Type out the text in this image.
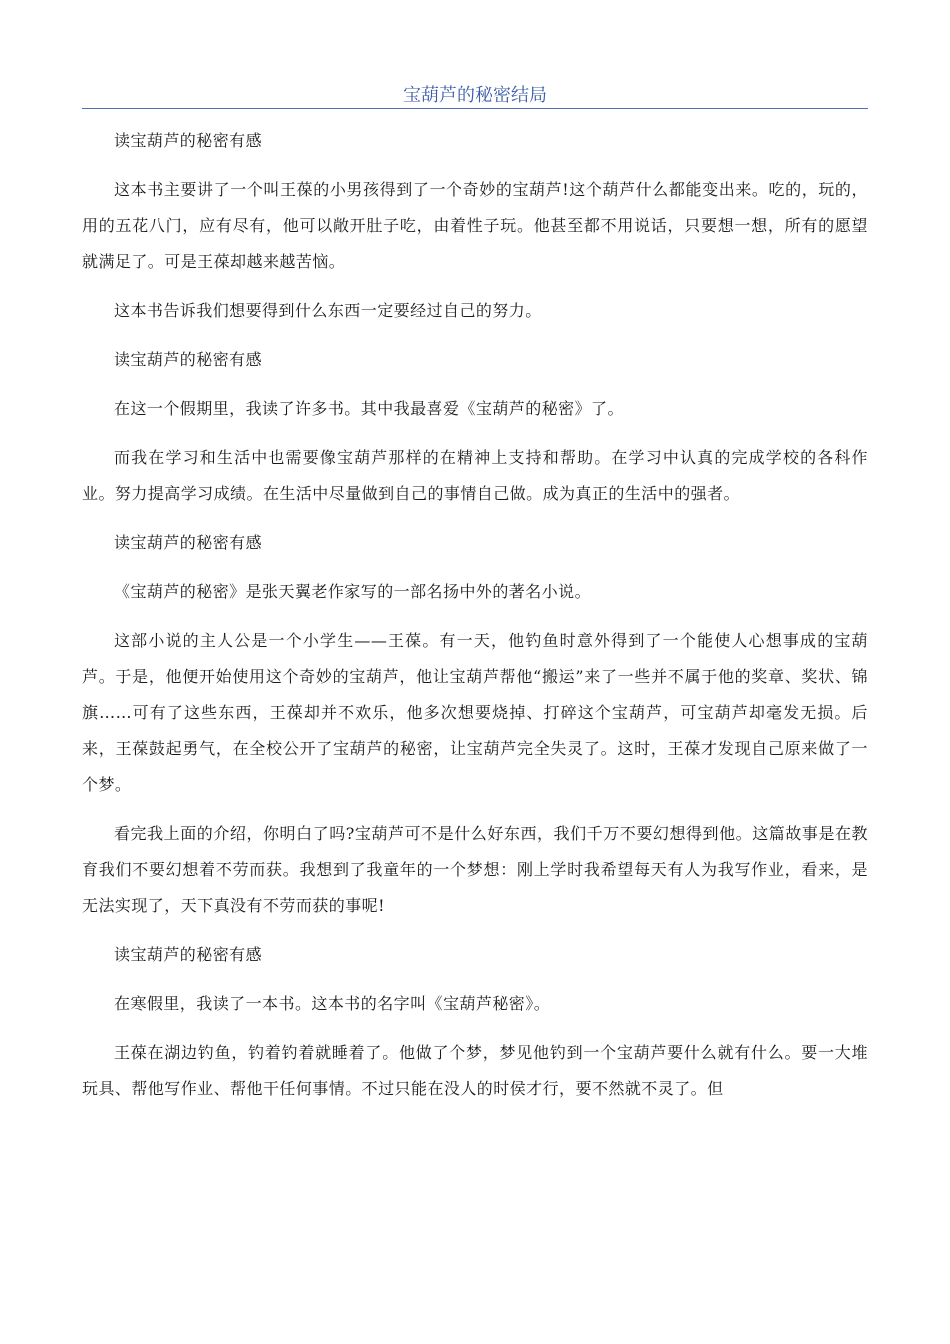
宝葫芦的秘密结局

读宝葫芦的秘密有感

这本书主要讲了一个叫王葆的小男孩得到了一个奇妙的宝葫芦!这个葫芦什么都能变出来。吃的，玩的，用的五花八门，应有尽有，他可以敞开肚子吃，由着性子玩。他甚至都不用说话，只要想一想，所有的愿望就满足了。可是王葆却越来越苦恼。

这本书告诉我们想要得到什么东西一定要经过自己的努力。

读宝葫芦的秘密有感

在这一个假期里，我读了许多书。其中我最喜爱《宝葫芦的秘密》了。

而我在学习和生活中也需要像宝葫芦那样的在精神上支持和帮助。在学习中认真的完成学校的各科作业。努力提高学习成绩。在生活中尽量做到自己的事情自己做。成为真正的生活中的强者。

读宝葫芦的秘密有感

《宝葫芦的秘密》是张天翼老作家写的一部名扬中外的著名小说。

这部小说的主人公是一个小学生——王葆。有一天，他钓鱼时意外得到了一个能使人心想事成的宝葫芦。于是，他便开始使用这个奇妙的宝葫芦，他让宝葫芦帮他“搬运”来了一些并不属于他的奖章、奖状、锦旗……可有了这些东西，王葆却并不欢乐，他多次想要烧掉、打碎这个宝葫芦，可宝葫芦却毫发无损。后来，王葆鼓起勇气，在全校公开了宝葫芦的秘密，让宝葫芦完全失灵了。这时，王葆才发现自己原来做了一个梦。

看完我上面的介绍，你明白了吗?宝葫芦可不是什么好东西，我们千万不要幻想得到他。这篇故事是在教育我们不要幻想着不劳而获。我想到了我童年的一个梦想：刚上学时我希望每天有人为我写作业，看来，是无法实现了，天下真没有不劳而获的事呢!

读宝葫芦的秘密有感

在寒假里，我读了一本书。这本书的名字叫《宝葫芦秘密》。

王葆在湖边钓鱼，钓着钓着就睡着了。他做了个梦，梦见他钓到一个宝葫芦要什么就有什么。要一大堆玩具、帮他写作业、帮他干任何事情。不过只能在没人的时侯才行，要不然就不灵了。但
